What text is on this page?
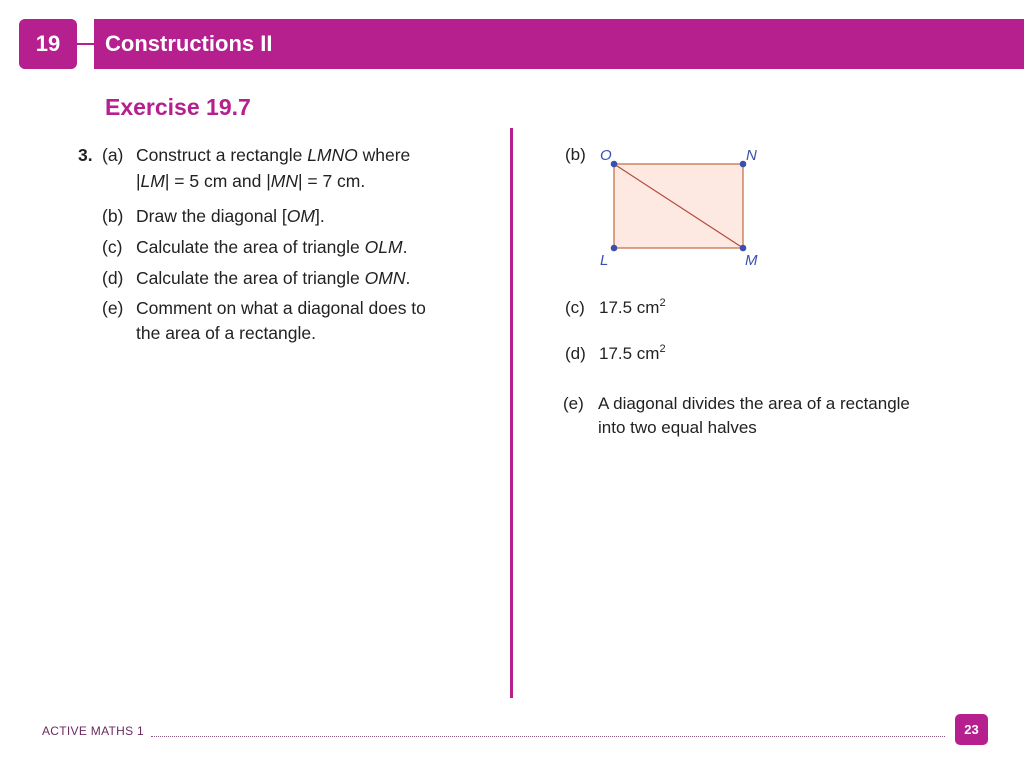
19 Constructions II
Exercise 19.7
3. (a) Construct a rectangle LMNO where
|LM| = 5 cm and |MN| = 7 cm.
(b) Draw the diagonal [OM].
(c) Calculate the area of triangle OLM.
(d) Calculate the area of triangle OMN.
(e) Comment on what a diagonal does to
the area of a rectangle.
(b) O	N
L	M
(c) 17.5 $cm^2$
(d) 17.5 $cm^2$
(e) A diagonal divides the area of a rectangle
into two equal halves
ACTIVE MATHS 1	23
